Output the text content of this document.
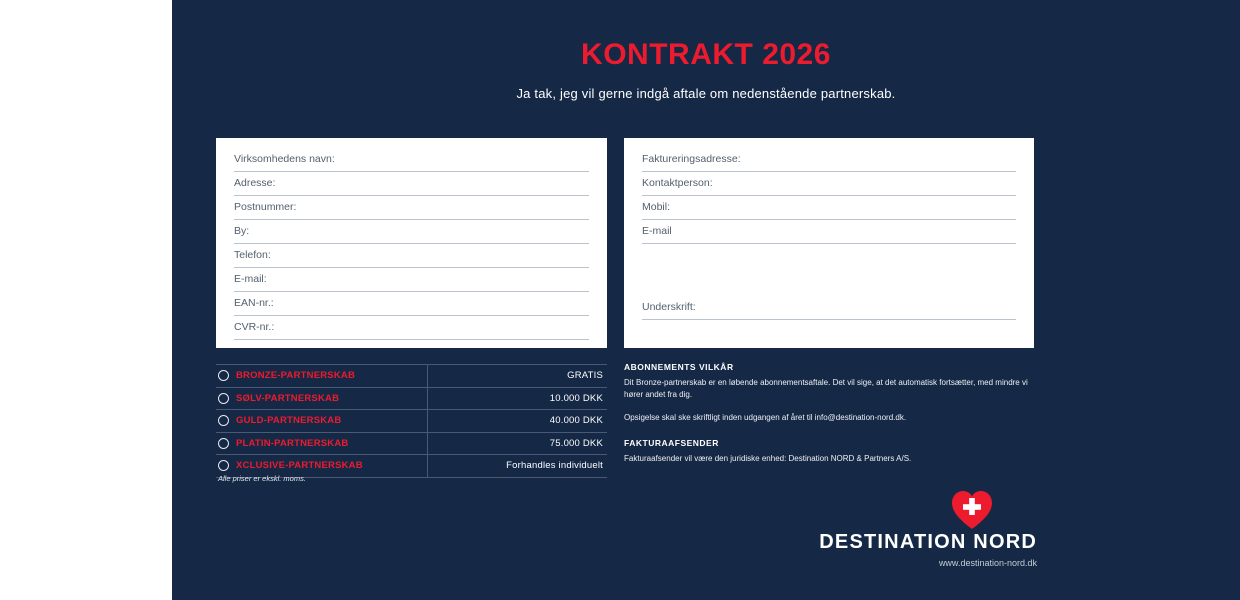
KONTRAKT 2026
Ja tak, jeg vil gerne indgå aftale om nedenstående partnerskab.
Virksomhedens navn:
Adresse:
Postnummer:
By:
Telefon:
E-mail:
EAN-nr.:
CVR-nr.:
Faktureringsadresse:
Kontaktperson:
Mobil:
E-mail
Underskrift:
BRONZE-PARTNERSKAB	GRATIS
SØLV-PARTNERSKAB	10.000 DKK
GULD-PARTNERSKAB	40.000 DKK
PLATIN-PARTNERSKAB	75.000 DKK
XCLUSIVE-PARTNERSKAB	Forhandles individuelt
Alle priser er ekskl. moms.
ABONNEMENTS VILKÅR

Dit Bronze-partnerskab er en løbende abonnementsaftale. Det vil sige, at det automatisk fortsætter, med mindre vi hører andet fra dig.

Opsigelse skal ske skriftligt inden udgangen af året til info@destination-nord.dk.

FAKTURAAFSENDER

Fakturaafsender vil være den juridiske enhed: Destination NORD & Partners A/S.

DESTINATION NORD
www.destination-nord.dk
